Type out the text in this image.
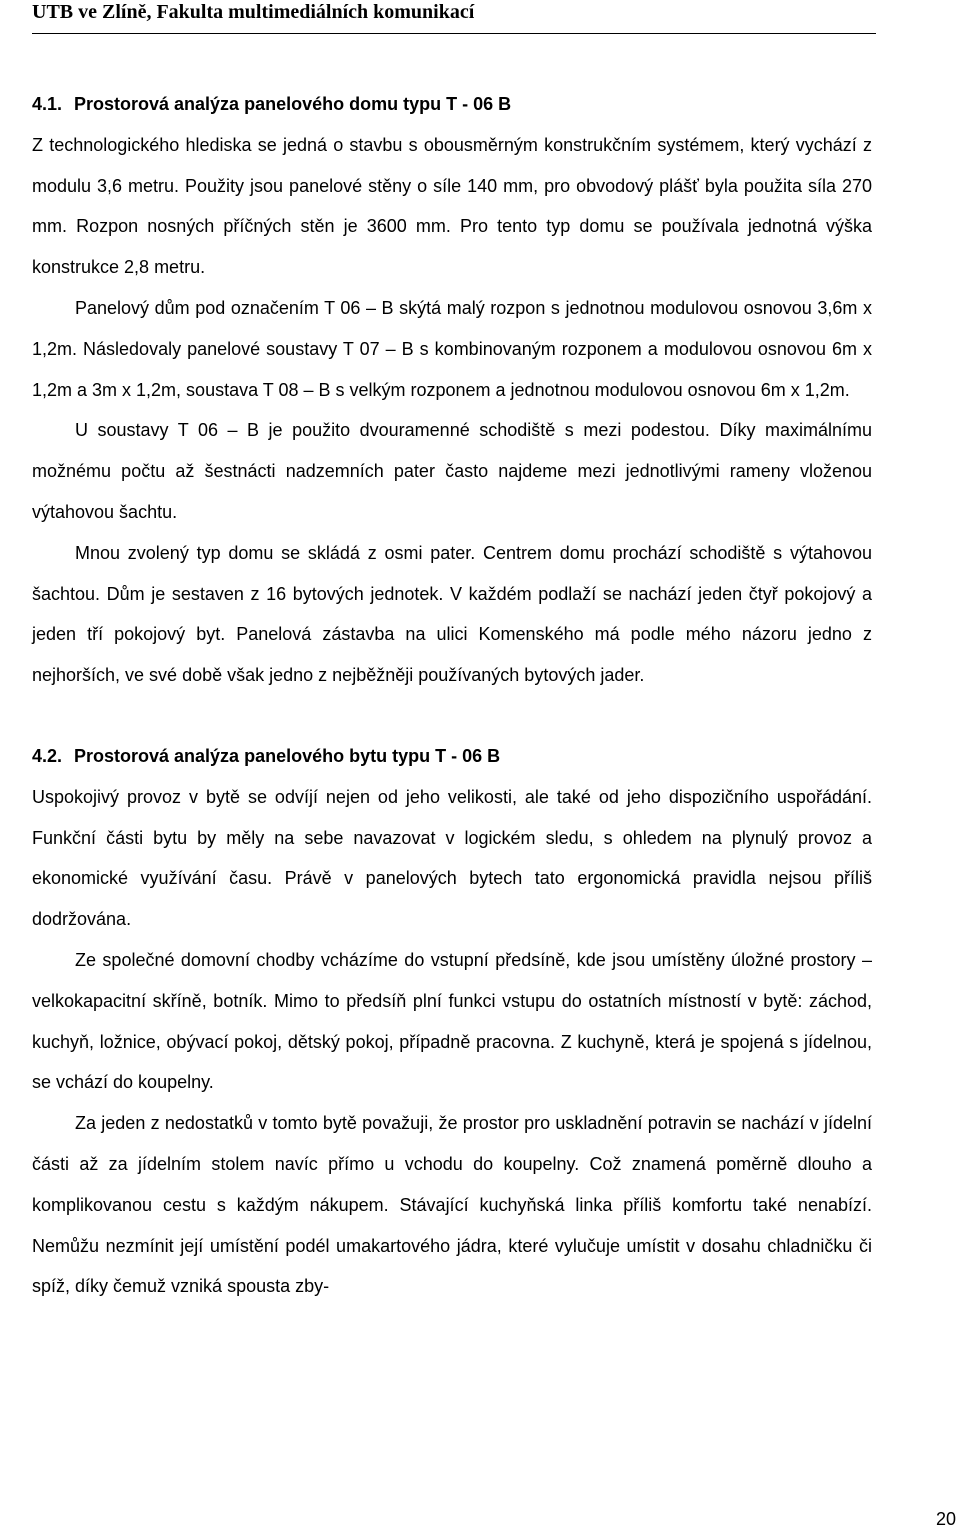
UTB ve Zlíně, Fakulta multimediálních komunikací
4.1. Prostorová analýza panelového domu typu T - 06 B

Z technologického hlediska se jedná o stavbu s obousměrným konstrukčním systémem, který vychází z modulu 3,6 metru. Použity jsou panelové stěny o síle 140 mm, pro obvodový plášť byla použita síla 270 mm. Rozpon nosných příčných stěn je 3600 mm. Pro tento typ domu se používala jednotná výška konstrukce 2,8 metru.

Panelový dům pod označením T 06 – B skýtá malý rozpon s jednotnou modulovou osnovou 3,6m x 1,2m. Následovaly panelové soustavy T 07 – B s kombinovaným rozponem a modulovou osnovou 6m x 1,2m a 3m x 1,2m, soustava T 08 – B s velkým rozponem a jednotnou modulovou osnovou 6m x 1,2m.

U soustavy T 06 – B je použito dvouramenné schodiště s mezi podestou. Díky maximálnímu možnému počtu až šestnácti nadzemních pater často najdeme mezi jednotlivými rameny vloženou výtahovou šachtu.

Mnou zvolený typ domu se skládá z osmi pater. Centrem domu prochází schodiště s výtahovou šachtou. Dům je sestaven z 16 bytových jednotek. V každém podlaží se nachází jeden čtyř pokojový a jeden tří pokojový byt. Panelová zástavba na ulici Komenského má podle mého názoru jedno z nejhorších, ve své době však jedno z nejběžněji používaných bytových jader.

4.2. Prostorová analýza panelového bytu typu T - 06 B

Uspokojivý provoz v bytě se odvíjí nejen od jeho velikosti, ale také od jeho dispozičního uspořádání. Funkční části bytu by měly na sebe navazovat v logickém sledu, s ohledem na plynulý provoz a ekonomické využívání času. Právě v panelových bytech tato ergonomická pravidla nejsou příliš dodržována.

Ze společné domovní chodby vcházíme do vstupní předsíně, kde jsou umístěny úložné prostory – velkokapacitní skříně, botník. Mimo to předsíň plní funkci vstupu do ostatních místností v bytě: záchod, kuchyň, ložnice, obývací pokoj, dětský pokoj, případně pracovna. Z kuchyně, která je spojená s jídelnou, se vchází do koupelny.

Za jeden z nedostatků v tomto bytě považuji, že prostor pro uskladnění potravin se nachází v jídelní části až za jídelním stolem navíc přímo u vchodu do koupelny. Což znamená poměrně dlouho a komplikovanou cestu s každým nákupem. Stávající kuchyňská linka příliš komfortu také nenabízí. Nemůžu nezmínit její umístění podél umakartového jádra, které vylučuje umístit v dosahu chladničku či spíž, díky čemuž vzniká spousta zby-

20
